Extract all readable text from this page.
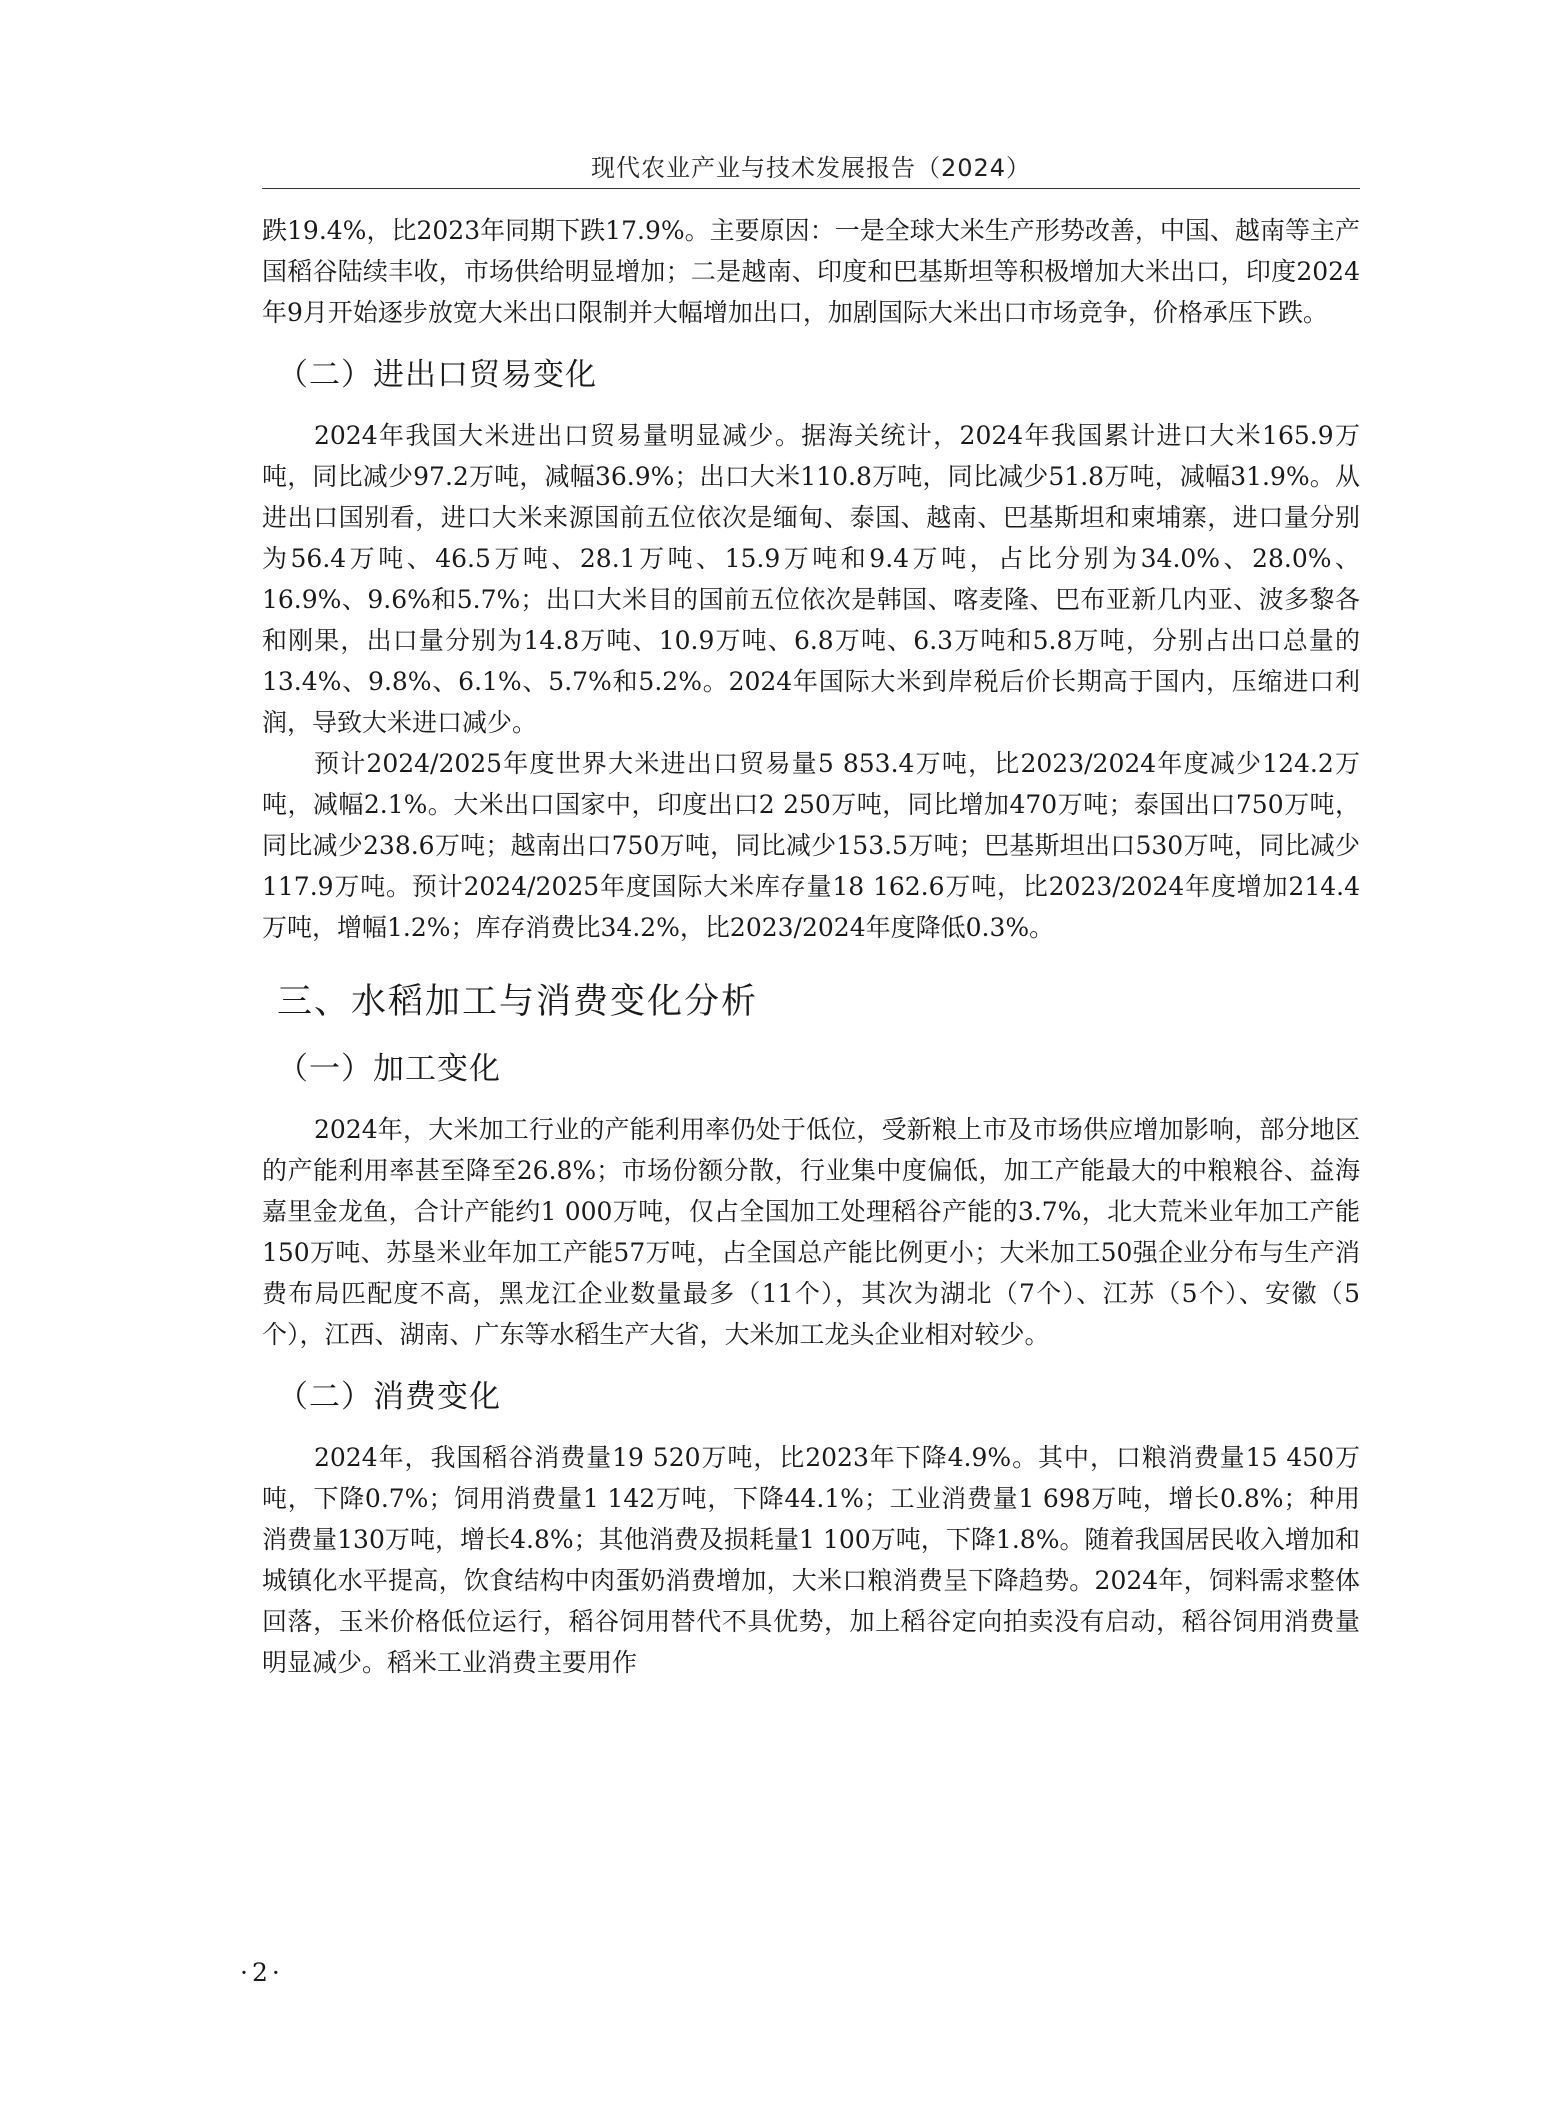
现代农业产业与技术发展报告（2024）

跌19.4%，比2023年同期下跌17.9%。主要原因：一是全球大米生产形势改善，中国、越南等主产国稻谷陆续丰收，市场供给明显增加；二是越南、印度和巴基斯坦等积极增加大米出口，印度2024年9月开始逐步放宽大米出口限制并大幅增加出口，加剧国际大米出口市场竞争，价格承压下跌。

（二）进出口贸易变化

2024年我国大米进出口贸易量明显减少。据海关统计，2024年我国累计进口大米165.9万吨，同比减少97.2万吨，减幅36.9%；出口大米110.8万吨，同比减少51.8万吨，减幅31.9%。从进出口国别看，进口大米来源国前五位依次是缅甸、泰国、越南、巴基斯坦和柬埔寨，进口量分别为56.4万吨、46.5万吨、28.1万吨、15.9万吨和9.4万吨，占比分别为34.0%、28.0%、16.9%、9.6%和5.7%；出口大米目的国前五位依次是韩国、喀麦隆、巴布亚新几内亚、波多黎各和刚果，出口量分别为14.8万吨、10.9万吨、6.8万吨、6.3万吨和5.8万吨，分别占出口总量的13.4%、9.8%、6.1%、5.7%和5.2%。2024年国际大米到岸税后价长期高于国内，压缩进口利润，导致大米进口减少。

预计2024/2025年度世界大米进出口贸易量5 853.4万吨，比2023/2024年度减少124.2万吨，减幅2.1%。大米出口国家中，印度出口2 250万吨，同比增加470万吨；泰国出口750万吨，同比减少238.6万吨；越南出口750万吨，同比减少153.5万吨；巴基斯坦出口530万吨，同比减少117.9万吨。预计2024/2025年度国际大米库存量18 162.6万吨，比2023/2024年度增加214.4万吨，增幅1.2%；库存消费比34.2%，比2023/2024年度降低0.3%。

三、水稻加工与消费变化分析
（一）加工变化

2024年，大米加工行业的产能利用率仍处于低位，受新粮上市及市场供应增加影响，部分地区的产能利用率甚至降至26.8%；市场份额分散，行业集中度偏低，加工产能最大的中粮粮谷、益海嘉里金龙鱼，合计产能约1 000万吨，仅占全国加工处理稻谷产能的3.7%，北大荒米业年加工产能150万吨、苏垦米业年加工产能57万吨，占全国总产能比例更小；大米加工50强企业分布与生产消费布局匹配度不高，黑龙江企业数量最多（11个），其次为湖北（7个）、江苏（5个）、安徽（5个），江西、湖南、广东等水稻生产大省，大米加工龙头企业相对较少。

（二）消费变化

2024年，我国稻谷消费量19 520万吨，比2023年下降4.9%。其中，口粮消费量15 450万吨，下降0.7%；饲用消费量1 142万吨，下降44.1%；工业消费量1 698万吨，增长0.8%；种用消费量130万吨，增长4.8%；其他消费及损耗量1 100万吨，下降1.8%。随着我国居民收入增加和城镇化水平提高，饮食结构中肉蛋奶消费增加，大米口粮消费呈下降趋势。2024年，饲料需求整体回落，玉米价格低位运行，稻谷饲用替代不具优势，加上稻谷定向拍卖没有启动，稻谷饲用消费量明显减少。稻米工业消费主要用作

·2·
